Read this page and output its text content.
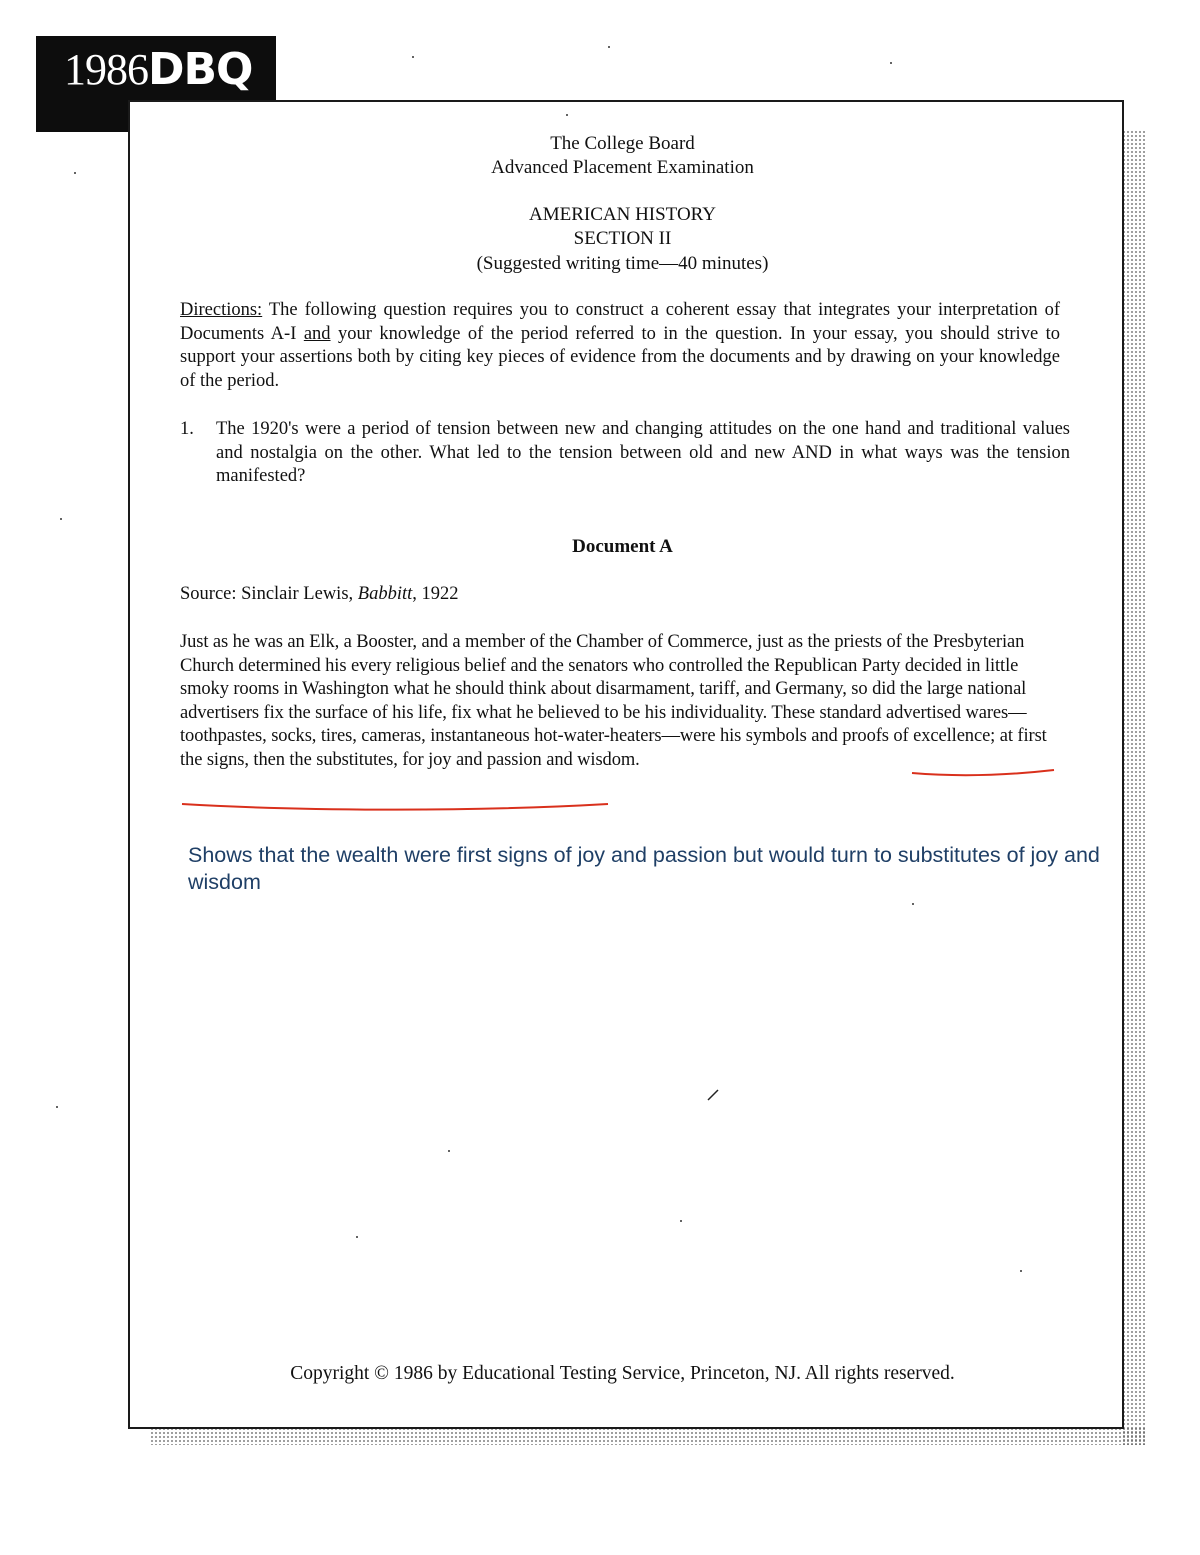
1986DBQ
The College Board
Advanced Placement Examination
AMERICAN HISTORY
SECTION II
(Suggested writing time—40 minutes)
Directions: The following question requires you to construct a coherent essay that integrates your interpretation of Documents A-I and your knowledge of the period referred to in the question. In your essay, you should strive to support your assertions both by citing key pieces of evidence from the documents and by drawing on your knowledge of the period.
1. The 1920's were a period of tension between new and changing attitudes on the one hand and traditional values and nostalgia on the other. What led to the tension between old and new AND in what ways was the tension manifested?
Document A
Source: Sinclair Lewis, Babbitt, 1922
Just as he was an Elk, a Booster, and a member of the Chamber of Commerce, just as the priests of the Presbyterian Church determined his every religious belief and the senators who controlled the Republican Party decided in little smoky rooms in Washington what he should think about disarmament, tariff, and Germany, so did the large national advertisers fix the surface of his life, fix what he believed to be his individuality. These standard advertised wares—toothpastes, socks, tires, cameras, instantaneous hot-water-heaters—were his symbols and proofs of excellence; at first the signs, then the substitutes, for joy and passion and wisdom.
Shows that the wealth were first signs of joy and passion but would turn to substitutes of joy and wisdom
Copyright © 1986 by Educational Testing Service, Princeton, NJ. All rights reserved.
